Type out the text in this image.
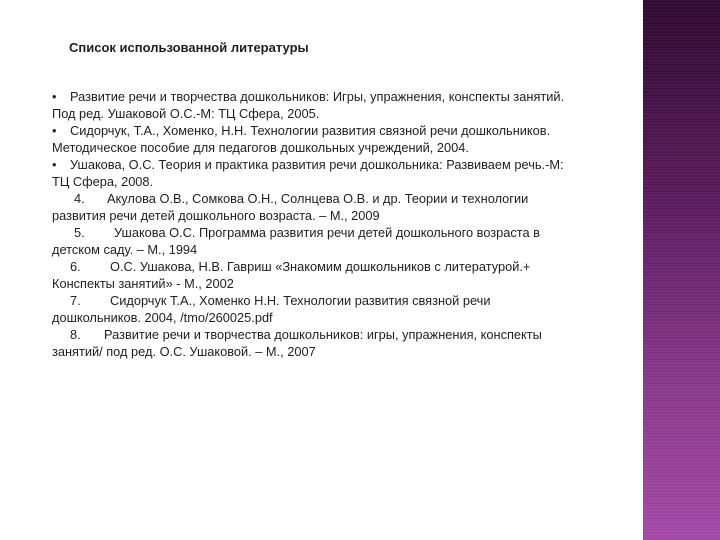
Список использованной литературы
• Развитие речи и творчества дошкольников: Игры, упражнения, конспекты занятий.
Под ред. Ушаковой О.С.-М: ТЦ Сфера, 2005.
• Сидорчук, Т.А., Хоменко, Н.Н. Технологии развития связной речи дошкольников.
Методическое пособие для педагогов дошкольных учреждений, 2004.
• Ушакова, О.С. Теория и практика развития речи дошкольника: Развиваем речь.-М:
ТЦ Сфера, 2008.
4. Акулова О.В., Сомкова О.Н., Солнцева О.В. и др. Теории и технологии
развития речи детей дошкольного возраста. – М., 2009
5. Ушакова О.С. Программа развития речи детей дошкольного возраста в
детском саду. – М., 1994
6. О.С. Ушакова, Н.В. Гавриш «Знакомим дошкольников с литературой.+
Конспекты занятий» - М., 2002
7. Сидорчук Т.А., Хоменко Н.Н. Технологии развития связной речи
дошкольников. 2004, /tmo/260025.pdf
8. Развитие речи и творчества дошкольников: игры, упражнения, конспекты
занятий/ под ред. О.С. Ушаковой. – М., 2007
